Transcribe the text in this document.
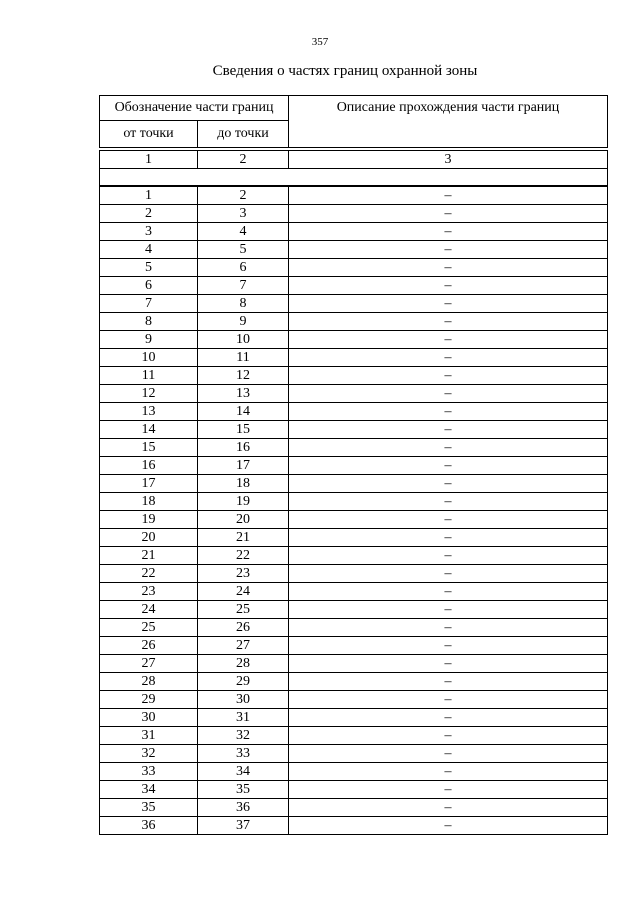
357
Сведения о частях границ охранной зоны
Обозначение части границ		Описание прохождения части границ
от точки	до точки	
1	2	3

1	2	–
2	3	–
3	4	–
4	5	–
5	6	–
6	7	–
7	8	–
8	9	–
9	10	–
10	11	–
11	12	–
12	13	–
13	14	–
14	15	–
15	16	–
16	17	–
17	18	–
18	19	–
19	20	–
20	21	–
21	22	–
22	23	–
23	24	–
24	25	–
25	26	–
26	27	–
27	28	–
28	29	–
29	30	–
30	31	–
31	32	–
32	33	–
33	34	–
34	35	–
35	36	–
36	37	–
